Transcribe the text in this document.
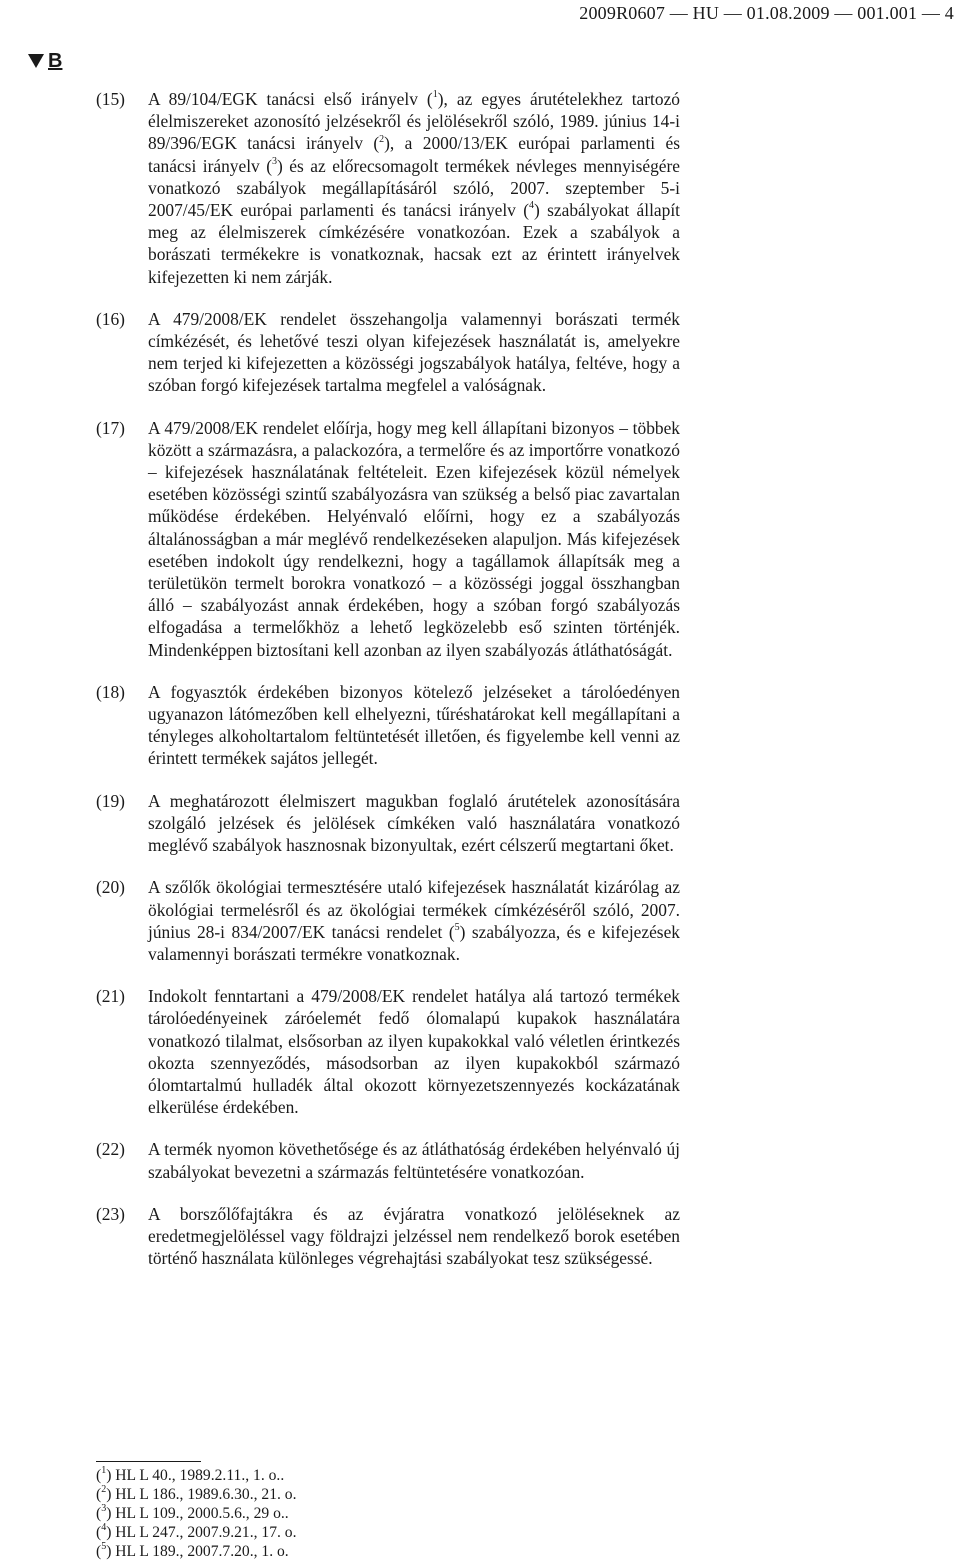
2009R0607 — HU — 01.08.2009 — 001.001 — 4
B
(15) A 89/104/EGK tanácsi első irányelv ($^1$), az egyes árutételekhez tartozó élelmiszereket azonosító jelzésekről és jelölésekről szóló, 1989. június 14-i 89/396/EGK tanácsi irányelv ($^2$), a 2000/13/EK európai parlamenti és tanácsi irányelv ($^3$) és az előrecsomagolt termékek névleges mennyiségére vonatkozó szabályok megállapításáról szóló, 2007. szeptember 5-i 2007/45/EK európai parlamenti és tanácsi irányelv ($^4$) szabályokat állapít meg az élelmiszerek címkézésére vonatkozóan. Ezek a szabályok a borászati termékekre is vonatkoznak, hacsak ezt az érintett irányelvek kifejezetten ki nem zárják.
(16) A 479/2008/EK rendelet összehangolja valamennyi borászati termék címkézését, és lehetővé teszi olyan kifejezések használatát is, amelyekre nem terjed ki kifejezetten a közösségi jogszabályok hatálya, feltéve, hogy a szóban forgó kifejezések tartalma megfelel a valóságnak.
(17) A 479/2008/EK rendelet előírja, hogy meg kell állapítani bizonyos – többek között a származásra, a palackozóra, a termelőre és az importőrre vonatkozó – kifejezések használatának feltételeit. Ezen kifejezések közül némelyek esetében közösségi szintű szabályozásra van szükség a belső piac zavartalan működése érdekében. Helyénvaló előírni, hogy ez a szabályozás általánosságban a már meglévő rendelkezéseken alapuljon. Más kifejezések esetében indokolt úgy rendelkezni, hogy a tagállamok állapítsák meg a területükön termelt borokra vonatkozó – a közösségi joggal összhangban álló – szabályozást annak érdekében, hogy a szóban forgó szabályozás elfogadása a termelőkhöz a lehető legközelebb eső szinten történjék. Mindenképpen biztosítani kell azonban az ilyen szabályozás átláthatóságát.
(18) A fogyasztók érdekében bizonyos kötelező jelzéseket a tárolóedényen ugyanazon látómezőben kell elhelyezni, tűréshatárokat kell megállapítani a tényleges alkoholtartalom feltüntetését illetően, és figyelembe kell venni az érintett termékek sajátos jellegét.
(19) A meghatározott élelmiszert magukban foglaló árutételek azonosítására szolgáló jelzések és jelölések címkéken való használatára vonatkozó meglévő szabályok hasznosnak bizonyultak, ezért célszerű megtartani őket.
(20) A szőlők ökológiai termesztésére utaló kifejezések használatát kizárólag az ökológiai termelésről és az ökológiai termékek címkézéséről szóló, 2007. június 28-i 834/2007/EK tanácsi rendelet ($^5$) szabályozza, és e kifejezések valamennyi borászati termékre vonatkoznak.
(21) Indokolt fenntartani a 479/2008/EK rendelet hatálya alá tartozó termékek tárolóedényeinek záróelemét fedő ólomalapú kupakok használatára vonatkozó tilalmat, elsősorban az ilyen kupakokkal való véletlen érintkezés okozta szennyeződés, másodsorban az ilyen kupakokból származó ólomtartalmú hulladék által okozott környezetszennyezés kockázatának elkerülése érdekében.
(22) A termék nyomon követhetősége és az átláthatóság érdekében helyénvaló új szabályokat bevezetni a származás feltüntetésére vonatkozóan.
(23) A borszőlőfajtákra és az évjáratra vonatkozó jelöléseknek az eredetmegjelöléssel vagy földrajzi jelzéssel nem rendelkező borok esetében történő használata különleges végrehajtási szabályokat tesz szükségessé.
($^1$) HL L 40., 1989.2.11., 1. o..
($^2$) HL L 186., 1989.6.30., 21. o.
($^3$) HL L 109., 2000.5.6., 29 o..
($^4$) HL L 247., 2007.9.21., 17. o.
($^5$) HL L 189., 2007.7.20., 1. o.
